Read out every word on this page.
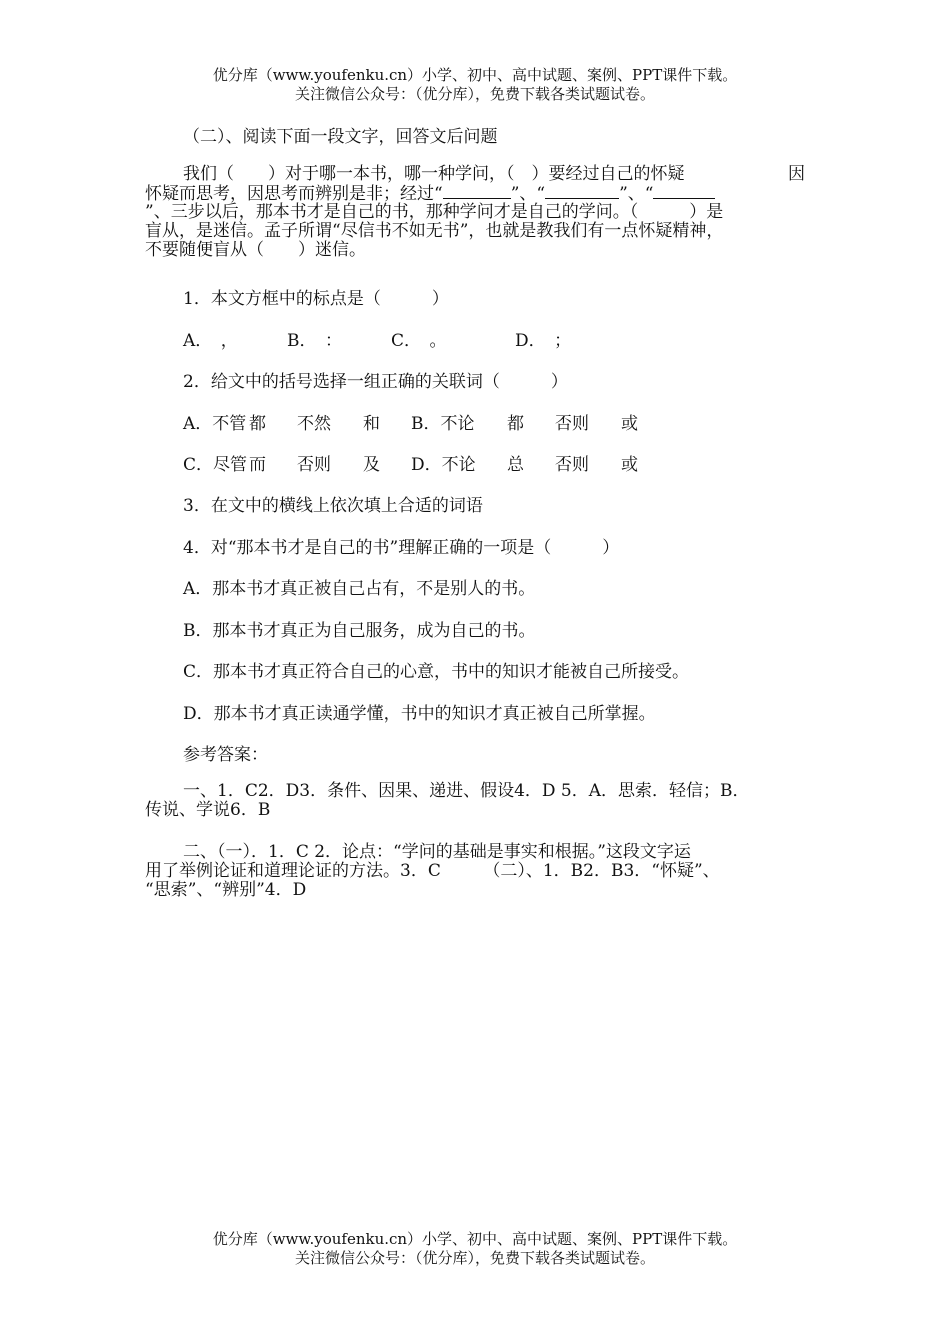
优分库（www.youfenku.cn）小学、初中、高中试题、案例、PPT课件下载。
关注微信公众号：（优分库），免费下载各类试题试卷。
（二）、阅读下面一段文字，回答文后问题
我们（　　）对于哪一本书，哪一种学问，（　）要经过自己的怀疑	因
怀疑而思考，因思考而辨别是非；经过“	”、“	”、“
”、三步以后，那本书才是自己的书，那种学问才是自己的学问。（　　　）是
盲从，是迷信。孟子所谓“尽信书不如无书”，也就是教我们有一点怀疑精神，
不要随便盲从（　　）迷信。
1．本文方框中的标点是（　　　）
A．　，	B．　：	C．　。	D．　；
2．给文中的括号选择一组正确的关联词（　　　）
A．不管 都 不然 和 B．不论 都 否则 或
C．尽管 而 否则 及 D．不论 总 否则 或
3．在文中的横线上依次填上合适的词语
4．对“那本书才是自己的书”理解正确的一项是（　　　）
A．那本书才真正被自己占有，不是别人的书。
B．那本书才真正为自己服务，成为自己的书。
C．那本书才真正符合自己的心意，书中的知识才能被自己所接受。
D．那本书才真正读通学懂，书中的知识才真正被自己所掌握。
参考答案：
一、1．C2．D3．条件、因果、递进、假设4．D 5．A．思索．轻信；B．
传说、学说6．B
二、（一）．1．C 2．论点：“学问的基础是事实和根据。”这段文字运
用了举例论证和道理论证的方法。3．C　　　（二）、1．B2．B3．“怀疑”、
“思索”、“辨别”4．D
优分库（www.youfenku.cn）小学、初中、高中试题、案例、PPT课件下载。
关注微信公众号：（优分库），免费下载各类试题试卷。
